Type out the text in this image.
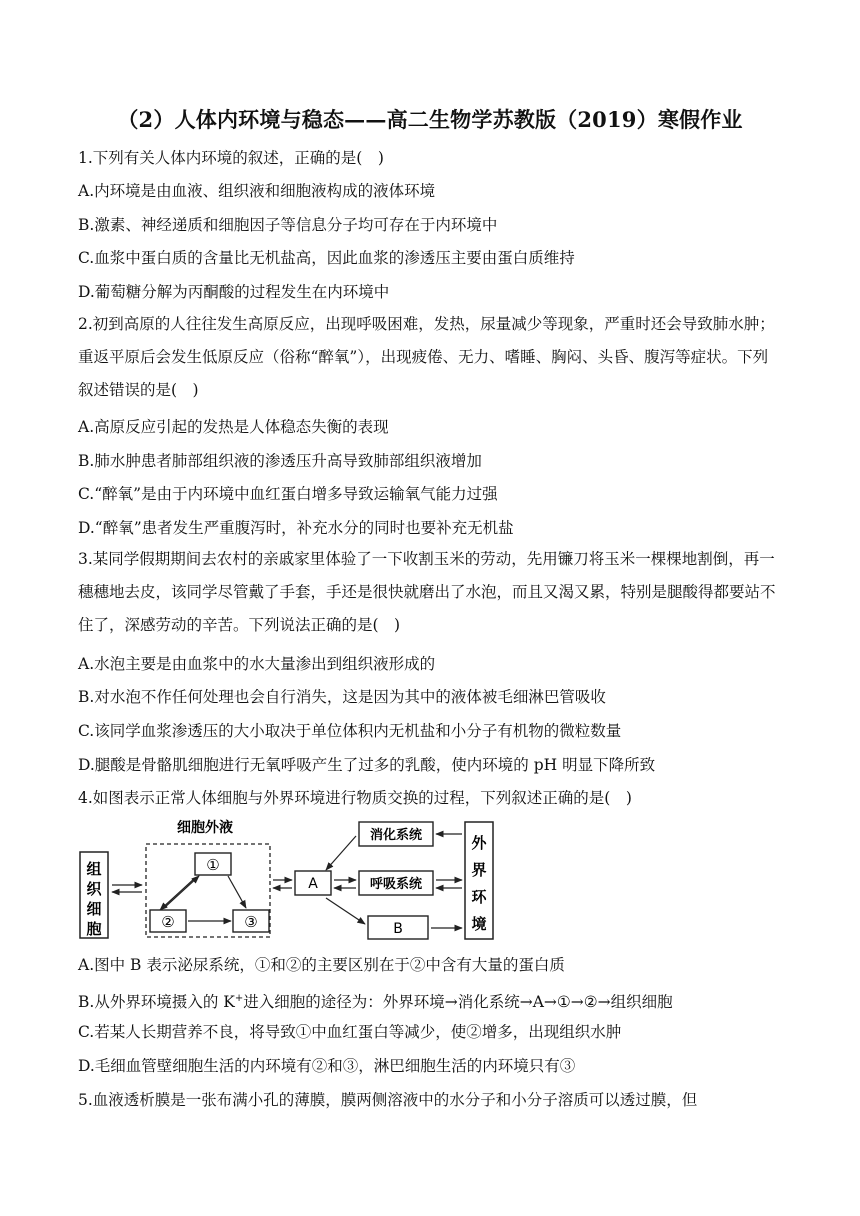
（2）人体内环境与稳态——高二生物学苏教版（2019）寒假作业
1.下列有关人体内环境的叙述，正确的是(　)
A.内环境是由血液、组织液和细胞液构成的液体环境
B.激素、神经递质和细胞因子等信息分子均可存在于内环境中
C.血浆中蛋白质的含量比无机盐高，因此血浆的渗透压主要由蛋白质维持
D.葡萄糖分解为丙酮酸的过程发生在内环境中
2.初到高原的人往往发生高原反应，出现呼吸困难，发热，尿量减少等现象，严重时还会导致肺水肿；重返平原后会发生低原反应（俗称“醉氧”），出现疲倦、无力、嗜睡、胸闷、头昏、腹泻等症状。下列叙述错误的是(　)
A.高原反应引起的发热是人体稳态失衡的表现
B.肺水肿患者肺部组织液的渗透压升高导致肺部组织液增加
C.“醉氧”是由于内环境中血红蛋白增多导致运输氧气能力过强
D.“醉氧”患者发生严重腹泻时，补充水分的同时也要补充无机盐
3.某同学假期期间去农村的亲戚家里体验了一下收割玉米的劳动，先用镰刀将玉米一棵棵地割倒，再一穗穗地去皮，该同学尽管戴了手套，手还是很快就磨出了水泡，而且又渴又累，特别是腿酸得都要站不住了，深感劳动的辛苦。下列说法正确的是(　)
A.水泡主要是由血浆中的水大量渗出到组织液形成的
B.对水泡不作任何处理也会自行消失，这是因为其中的液体被毛细淋巴管吸收
C.该同学血浆渗透压的大小取决于单位体积内无机盐和小分子有机物的微粒数量
D.腿酸是骨骼肌细胞进行无氧呼吸产生了过多的乳酸，使内环境的 pH 明显下降所致
4.如图表示正常人体细胞与外界环境进行物质交换的过程，下列叙述正确的是(　)
组
织
细
胞
细胞外液
①
②	③
A
消化系统
呼吸系统
B
外
界
环
境
A.图中 B 表示泌尿系统，①和②的主要区别在于②中含有大量的蛋白质
B.从外界环境摄入的 K+进入细胞的途径为：外界环境→消化系统→A→①→②→组织细胞
C.若某人长期营养不良，将导致①中血红蛋白等减少，使②增多，出现组织水肿
D.毛细血管壁细胞生活的内环境有②和③，淋巴细胞生活的内环境只有③
5.血液透析膜是一张布满小孔的薄膜，膜两侧溶液中的水分子和小分子溶质可以透过膜，但
